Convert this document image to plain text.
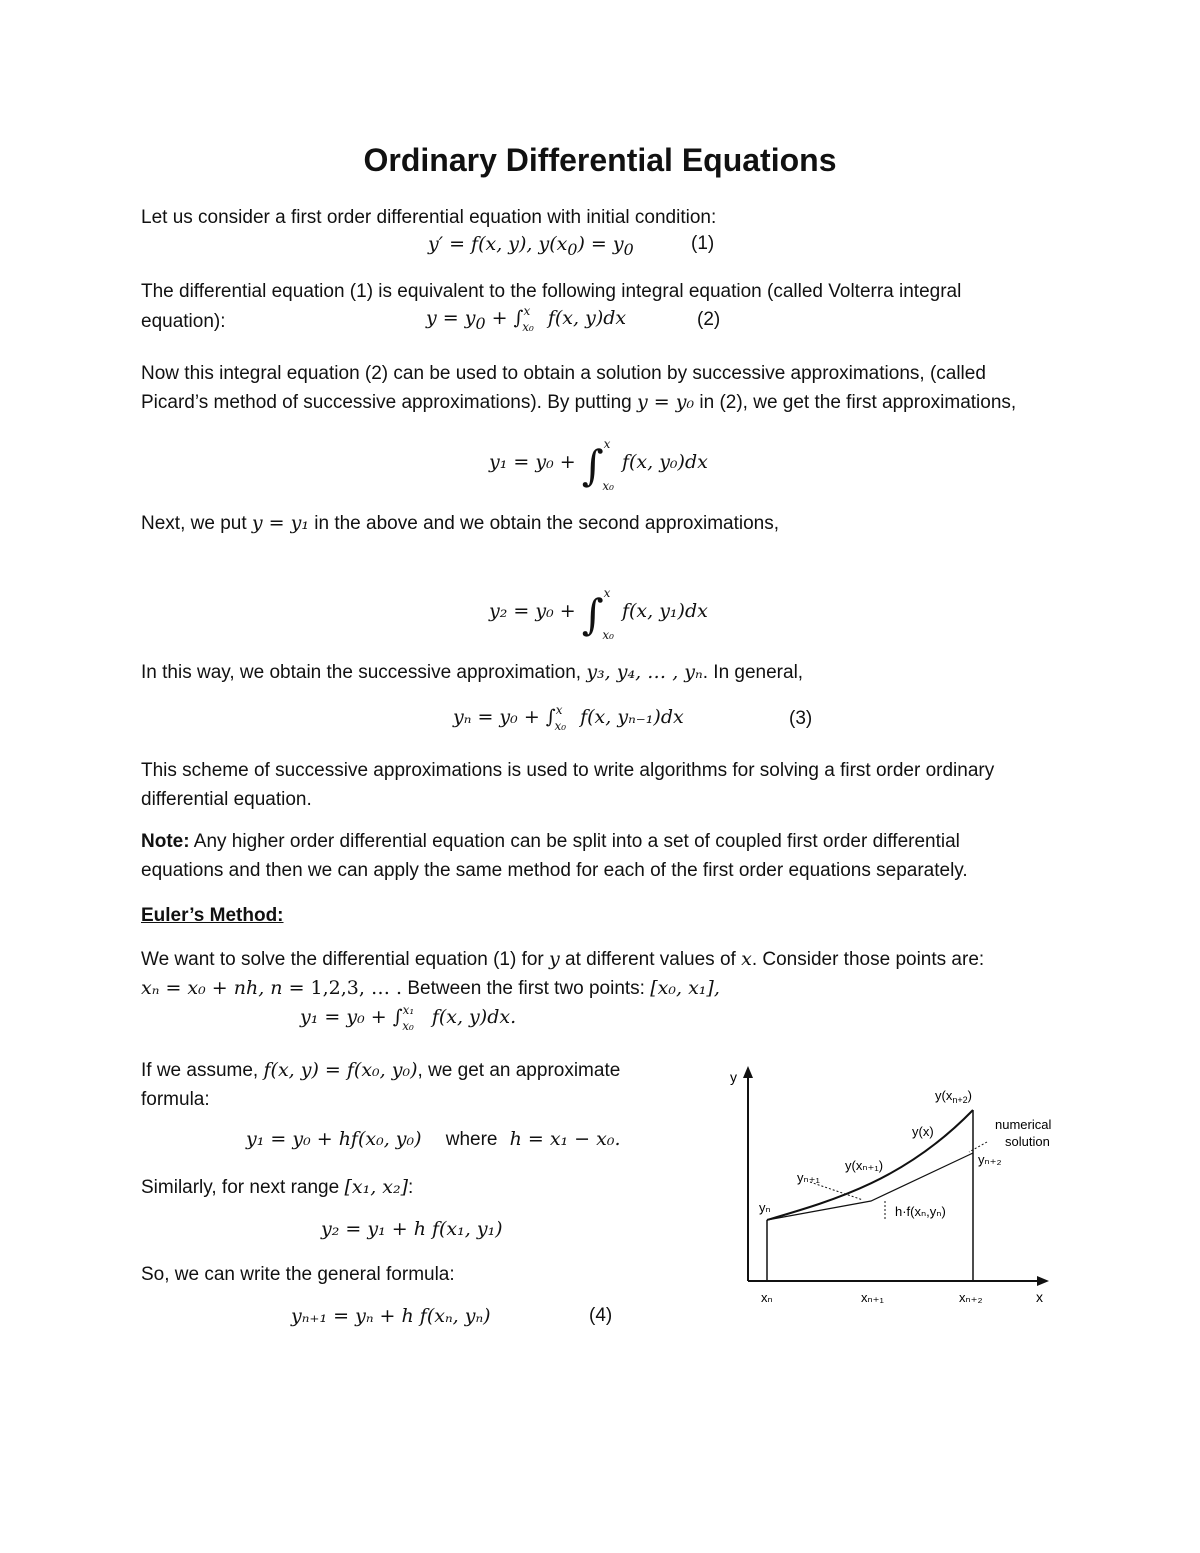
Ordinary Differential Equations

Let us consider a first order differential equation with initial condition:

y′ = f(x, y), $y(x_0) = y_0$	(1)

The differential equation (1) is equivalent to the following integral equation (called Volterra integral

equation):	$y = y_0 + \int^x_{x_0}$ f(x, y)dx	(2)

Now this integral equation (2) can be used to obtain a solution by successive approximations, (called

Picard’s method of successive approximations). By putting y = y₀ in (2), we get the first approximations,

y₁ = y₀ + ∫$^x_{x_0}$f(x, y₀)dx

Next, we put y = y₁ in the above and we obtain the second approximations,

y₂ = y₀ + ∫$^x_{x_0}$f(x, y₁)dx

In this way, we obtain the successive approximation, y₃, y₄, … , yₙ. In general,

yₙ = y₀ + ∫$^x_{x_0}$ f(x, yₙ₋₁)dx	(3)

This scheme of successive approximations is used to write algorithms for solving a first order ordinary

differential equation.

Note: Any higher order differential equation can be split into a set of coupled first order differential

equations and then we can apply the same method for each of the first order equations separately.

Euler’s Method:

We want to solve the differential equation (1) for y at different values of x. Consider those points are:

xₙ = x₀ + nh, n = 1,2,3, … . Between the first two points: [x₀, x₁],

y₁ = y₀ + ∫$^{x_1}_{x_0}$ f(x, y)dx.

If we assume, f(x, y) = f(x₀, y₀), we get an approximate

formula:

y₁ = y₀ + hf(x₀, y₀) where h = x₁ − x₀.

Similarly, for next range [x₁, x₂]:

y₂ = y₁ + h f(x₁, y₁)

So, we can write the general formula:

yₙ₊₁ = yₙ + h f(xₙ, yₙ)	(4)
y
x
$y(x_{n+2})$
y(x)	numerical
solution
yₙ₊₂
y(xₙ₊₁)
yₙ₊₁
yₙ	h·f(xₙ,yₙ)
xₙ	xₙ₊₁	xₙ₊₂
